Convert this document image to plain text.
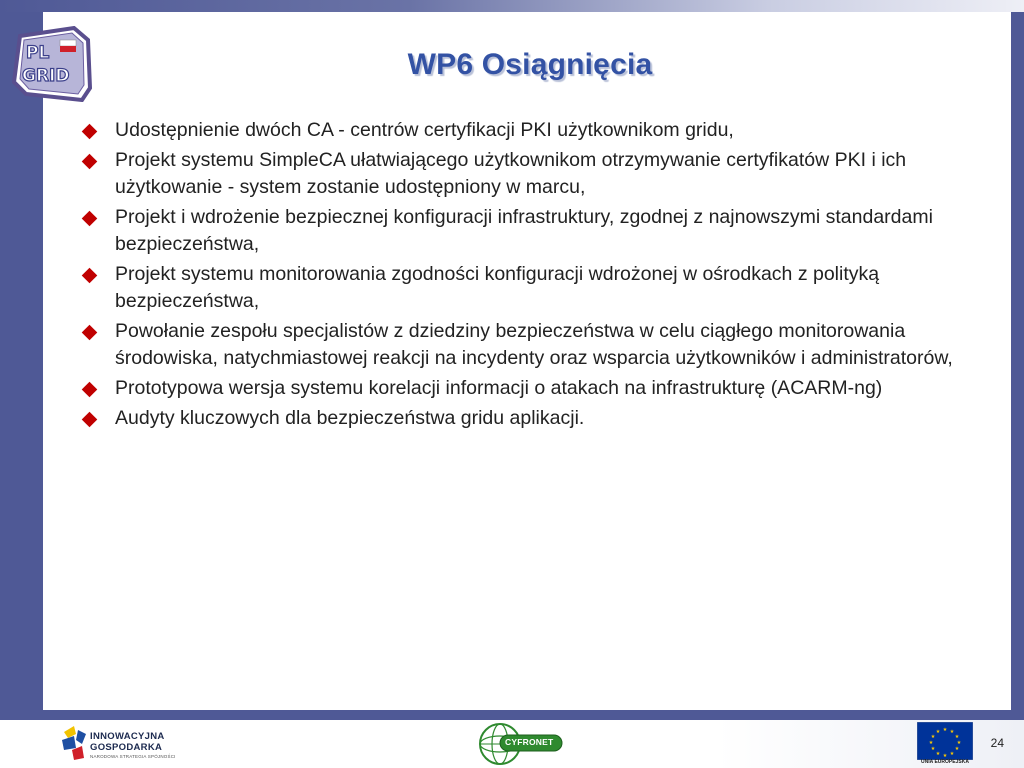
PL
GRID	WP6 Osiągnięcia
Udostępnienie dwóch CA - centrów certyfikacji PKI użytkownikom gridu,
Projekt systemu SimpleCA ułatwiającego użytkownikom otrzymywanie certyfikatów PKI i ich użytkowanie - system zostanie udostępniony w marcu,
Projekt i wdrożenie bezpiecznej konfiguracji infrastruktury, zgodnej z najnowszymi standardami bezpieczeństwa,
Projekt systemu monitorowania zgodności konfiguracji wdrożonej w ośrodkach z polityką bezpieczeństwa,
Powołanie zespołu specjalistów z dziedziny bezpieczeństwa w celu ciągłego monitorowania środowiska, natychmiastowej reakcji na incydenty oraz wsparcia użytkowników i administratorów,
Prototypowa wersja systemu korelacji informacji o atakach na infrastrukturę (ACARM-ng)
Audyty kluczowych dla bezpieczeństwa gridu aplikacji.
INNOWACYJNA
GOSPODARKA
NARODOWA STRATEGIA SPÓJNOŚCI
CYFRONET
★ ★
★
★
★
★
★
★
★
★
★
★
UNIA EUROPEJSKA
24
